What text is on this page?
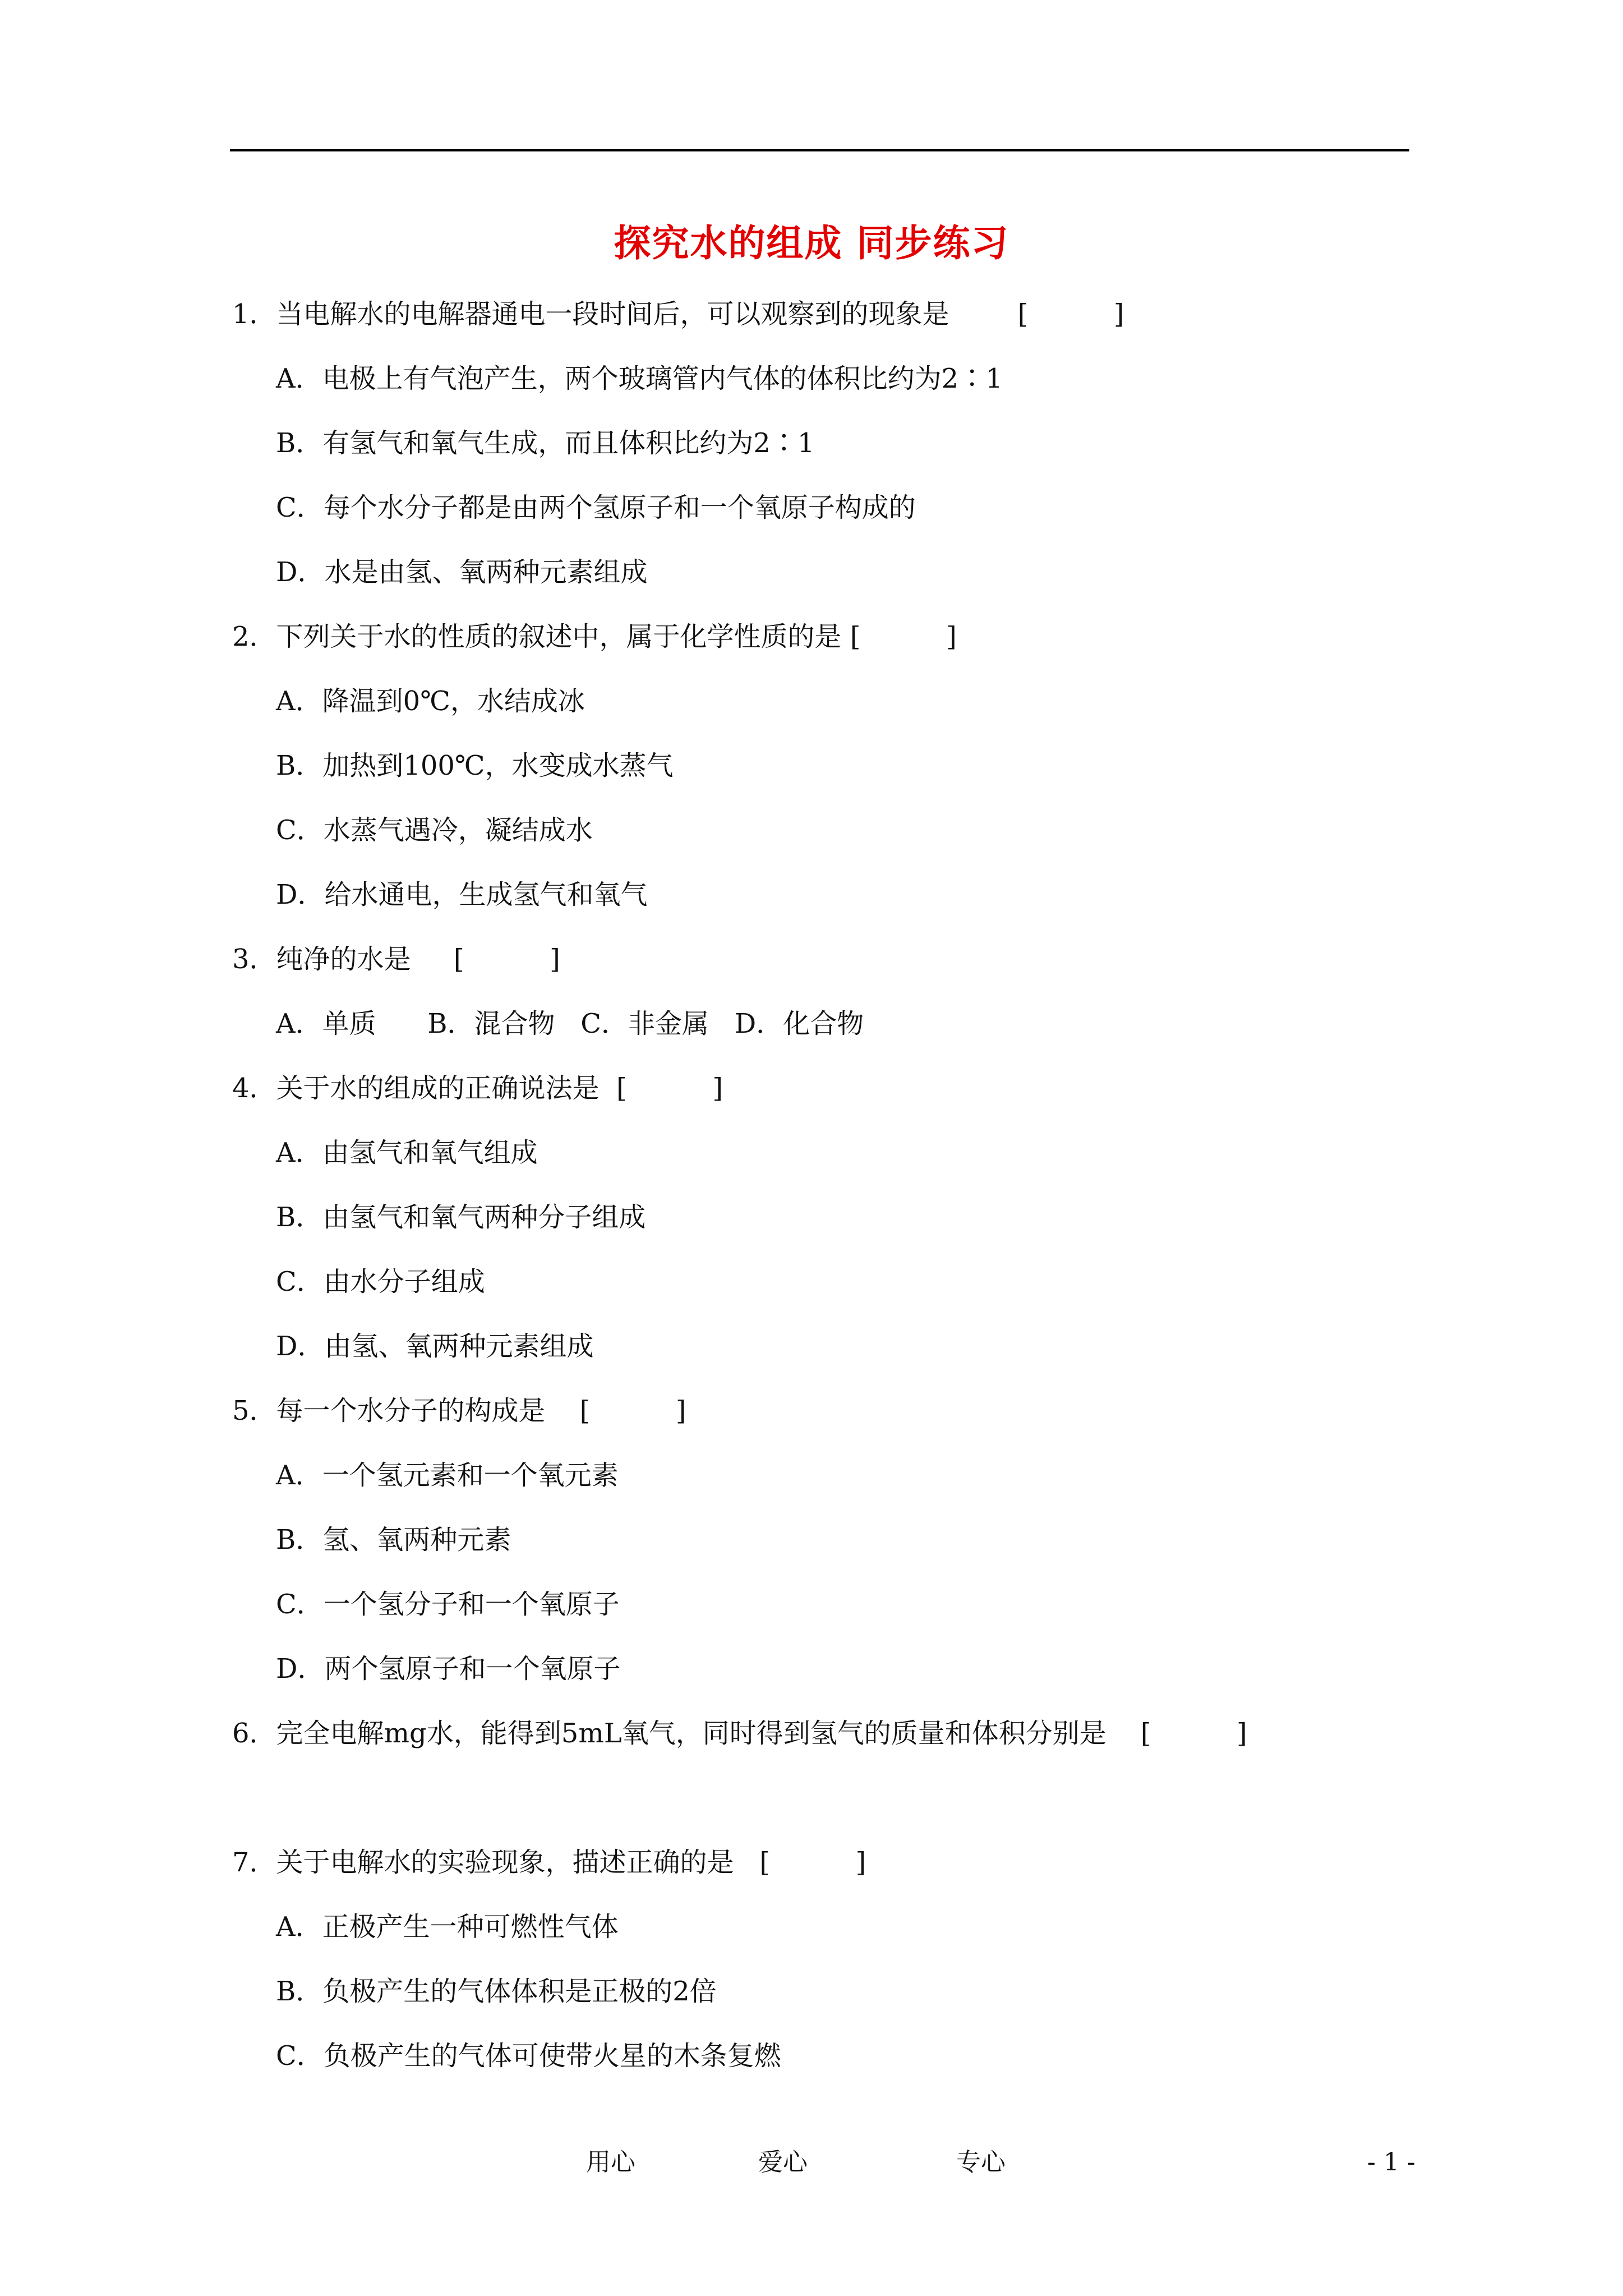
探究水的组成 同步练习
1．当电解水的电解器通电一段时间后，可以观察到的现象是        [          ]
A．电极上有气泡产生，两个玻璃管内气体的体积比约为2∶1
B．有氢气和氧气生成，而且体积比约为2∶1
C．每个水分子都是由两个氢原子和一个氧原子构成的
D．水是由氢、氧两种元素组成
2．下列关于水的性质的叙述中，属于化学性质的是 [          ]
A．降温到0℃，水结成冰
B．加热到100℃，水变成水蒸气
C．水蒸气遇冷，凝结成水
D．给水通电，生成氢气和氧气
3．纯净的水是     [          ]
A．单质      B．混合物   C．非金属   D．化合物
4．关于水的组成的正确说法是  [          ]
A．由氢气和氧气组成
B．由氢气和氧气两种分子组成
C．由水分子组成
D．由氢、氧两种元素组成
5．每一个水分子的构成是    [          ]
A．一个氢元素和一个氧元素
B．氢、氧两种元素
C．一个氢分子和一个氧原子
D．两个氢原子和一个氧原子
6．完全电解mg水，能得到5mL氧气，同时得到氢气的质量和体积分别是    [          ]
7．关于电解水的实验现象，描述正确的是   [          ]
A．正极产生一种可燃性气体
B．负极产生的气体体积是正极的2倍
C．负极产生的气体可使带火星的木条复燃
用心	爱心	专心	- 1 -
